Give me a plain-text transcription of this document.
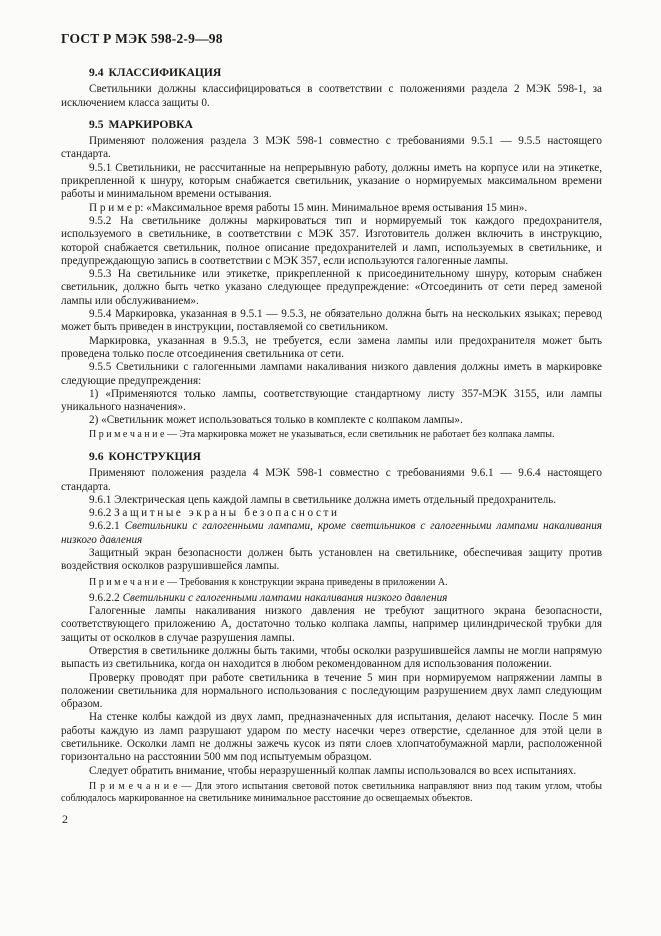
ГОСТ Р МЭК 598-2-9—98

9.4 КЛАССИФИКАЦИЯ

Светильники должны классифицироваться в соответствии с положениями раздела 2 МЭК 598-1, за исключением класса защиты 0.

9.5 МАРКИРОВКА

Применяют положения раздела 3 МЭК 598-1 совместно с требованиями 9.5.1 — 9.5.5 настоящего стандарта.

9.5.1 Светильники, не рассчитанные на непрерывную работу, должны иметь на корпусе или на этикетке, прикрепленной к шнуру, которым снабжается светильник, указание о нормируемых максимальном времени работы и минимальном времени остывания.

П р и м е р: «Максимальное время работы 15 мин. Минимальное время остывания 15 мин».

9.5.2 На светильнике должны маркироваться тип и нормируемый ток каждого предохранителя, используемого в светильнике, в соответствии с МЭК 357. Изготовитель должен включить в инструкцию, которой снабжается светильник, полное описание предохранителей и ламп, используемых в светильнике, и предупреждающую запись в соответствии с МЭК 357, если используются галогенные лампы.

9.5.3 На светильнике или этикетке, прикрепленной к присоединительному шнуру, которым снабжен светильник, должно быть четко указано следующее предупреждение: «Отсоединить от сети перед заменой лампы или обслуживанием».

9.5.4 Маркировка, указанная в 9.5.1 — 9.5.3, не обязательно должна быть на нескольких языках; перевод может быть приведен в инструкции, поставляемой со светильником.

Маркировка, указанная в 9.5.3, не требуется, если замена лампы или предохранителя может быть проведена только после отсоединения светильника от сети.

9.5.5 Светильники с галогенными лампами накаливания низкого давления должны иметь в маркировке следующие предупреждения:

1) «Применяются только лампы, соответствующие стандартному листу 357-МЭК 3155, или лампы уникального назначения».

2) «Светильник может использоваться только в комплекте с колпаком лампы».

П р и м е ч а н и е — Эта маркировка может не указываться, если светильник не работает без колпака лампы.

9.6 КОНСТРУКЦИЯ

Применяют положения раздела 4 МЭК 598-1 совместно с требованиями 9.6.1 — 9.6.4 настоящего стандарта.

9.6.1 Электрическая цепь каждой лампы в светильнике должна иметь отдельный предохранитель.

9.6.2 Защитные экраны безопасности

9.6.2.1 Светильники с галогенными лампами, кроме светильников с галогенными лампами накаливания низкого давления

Защитный экран безопасности должен быть установлен на светильнике, обеспечивая защиту против воздействия осколков разрушившейся лампы.

П р и м е ч а н и е — Требования к конструкции экрана приведены в приложении А.

9.6.2.2 Светильники с галогенными лампами накаливания низкого давления

Галогенные лампы накаливания низкого давления не требуют защитного экрана безопасности, соответствующего приложению А, достаточно только колпака лампы, например цилиндрической трубки для защиты от осколков в случае разрушения лампы.

Отверстия в светильнике должны быть такими, чтобы осколки разрушившейся лампы не могли напрямую выпасть из светильника, когда он находится в любом рекомендованном для использования положении.

Проверку проводят при работе светильника в течение 5 мин при нормируемом напряжении лампы в положении светильника для нормального использования с последующим разрушением двух ламп следующим образом.

На стенке колбы каждой из двух ламп, предназначенных для испытания, делают насечку. После 5 мин работы каждую из ламп разрушают ударом по месту насечки через отверстие, сделанное для этой цели в светильнике. Осколки ламп не должны зажечь кусок из пяти слоев хлопчатобумажной марли, расположенной горизонтально на расстоянии 500 мм под испытуемым образцом.

Следует обратить внимание, чтобы неразрушенный колпак лампы использовался во всех испытаниях.

П р и м е ч а н и е — Для этого испытания световой поток светильника направляют вниз под таким углом, чтобы соблюдалось маркированное на светильнике минимальное расстояние до освещаемых объектов.

2
